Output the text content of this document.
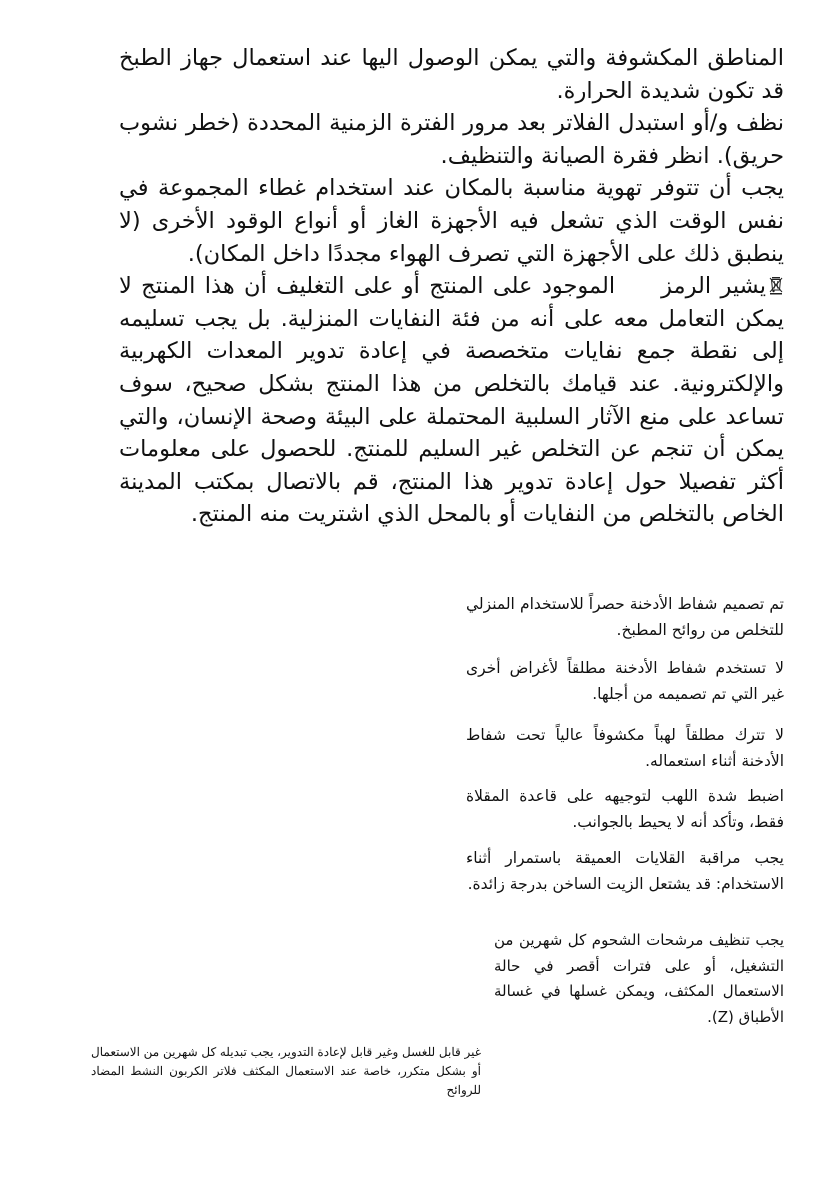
المناطق المكشوفة والتي يمكن الوصول اليها عند استعمال جهاز الطبخ قد تكون شديدة الحرارة.

نظف و/أو استبدل الفلاتر بعد مرور الفترة الزمنية المحددة (خطر نشوب حريق). انظر فقرة الصيانة والتنظيف.

يجب أن تتوفر تهوية مناسبة بالمكان عند استخدام غطاء المجموعة في نفس الوقت الذي تشعل فيه الأجهزة الغاز أو أنواع الوقود الأخرى (لا ينطبق ذلك على الأجهزة التي تصرف الهواء مجددًا داخل المكان).

يشير الرمزالموجود على المنتج أو على التغليف أن هذا المنتج لا يمكن التعامل معه على أنه من فئة النفايات المنزلية. بل يجب تسليمه إلى نقطة جمع نفايات متخصصة في إعادة تدوير المعدات الكهربية والإلكترونية. عند قيامك بالتخلص من هذا المنتج بشكل صحيح، سوف تساعد على منع الآثار السلبية المحتملة على البيئة وصحة الإنسان، والتي يمكن أن تنجم عن التخلص غير السليم للمنتج. للحصول على معلومات أكثر تفصيلا حول إعادة تدوير هذا المنتج، قم بالاتصال بمكتب المدينة الخاص بالتخلص من النفايات أو بالمحل الذي اشتريت منه المنتج.

تم تصميم شفاط الأدخنة حصراً للاستخدام المنزلي للتخلص من روائح المطبخ.

لا تستخدم شفاط الأدخنة مطلقاً لأغراض أخرى غير التي تم تصميمه من أجلها.

لا تترك مطلقاً لهباً مكشوفاً عالياً تحت شفاط الأدخنة أثناء استعماله.

اضبط شدة اللهب لتوجيهه على قاعدة المقلاة فقط، وتأكد أنه لا يحيط بالجوانب.

يجب مراقبة القلايات العميقة باستمرار أثناء الاستخدام: قد يشتعل الزيت الساخن بدرجة زائدة.

يجب تنظيف مرشحات الشحوم كل شهرين من التشغيل، أو على فترات أقصر في حالة الاستعمال المكثف، ويمكن غسلها في غسالة الأطباق (Z).

غير قابل للغسل وغير قابل لإعادة التدوير، يجب تبديله كل شهرين من الاستعمال أو بشكل متكرر، خاصة عند الاستعمال المكثف فلاتر الكربون النشط المضاد للروائح
